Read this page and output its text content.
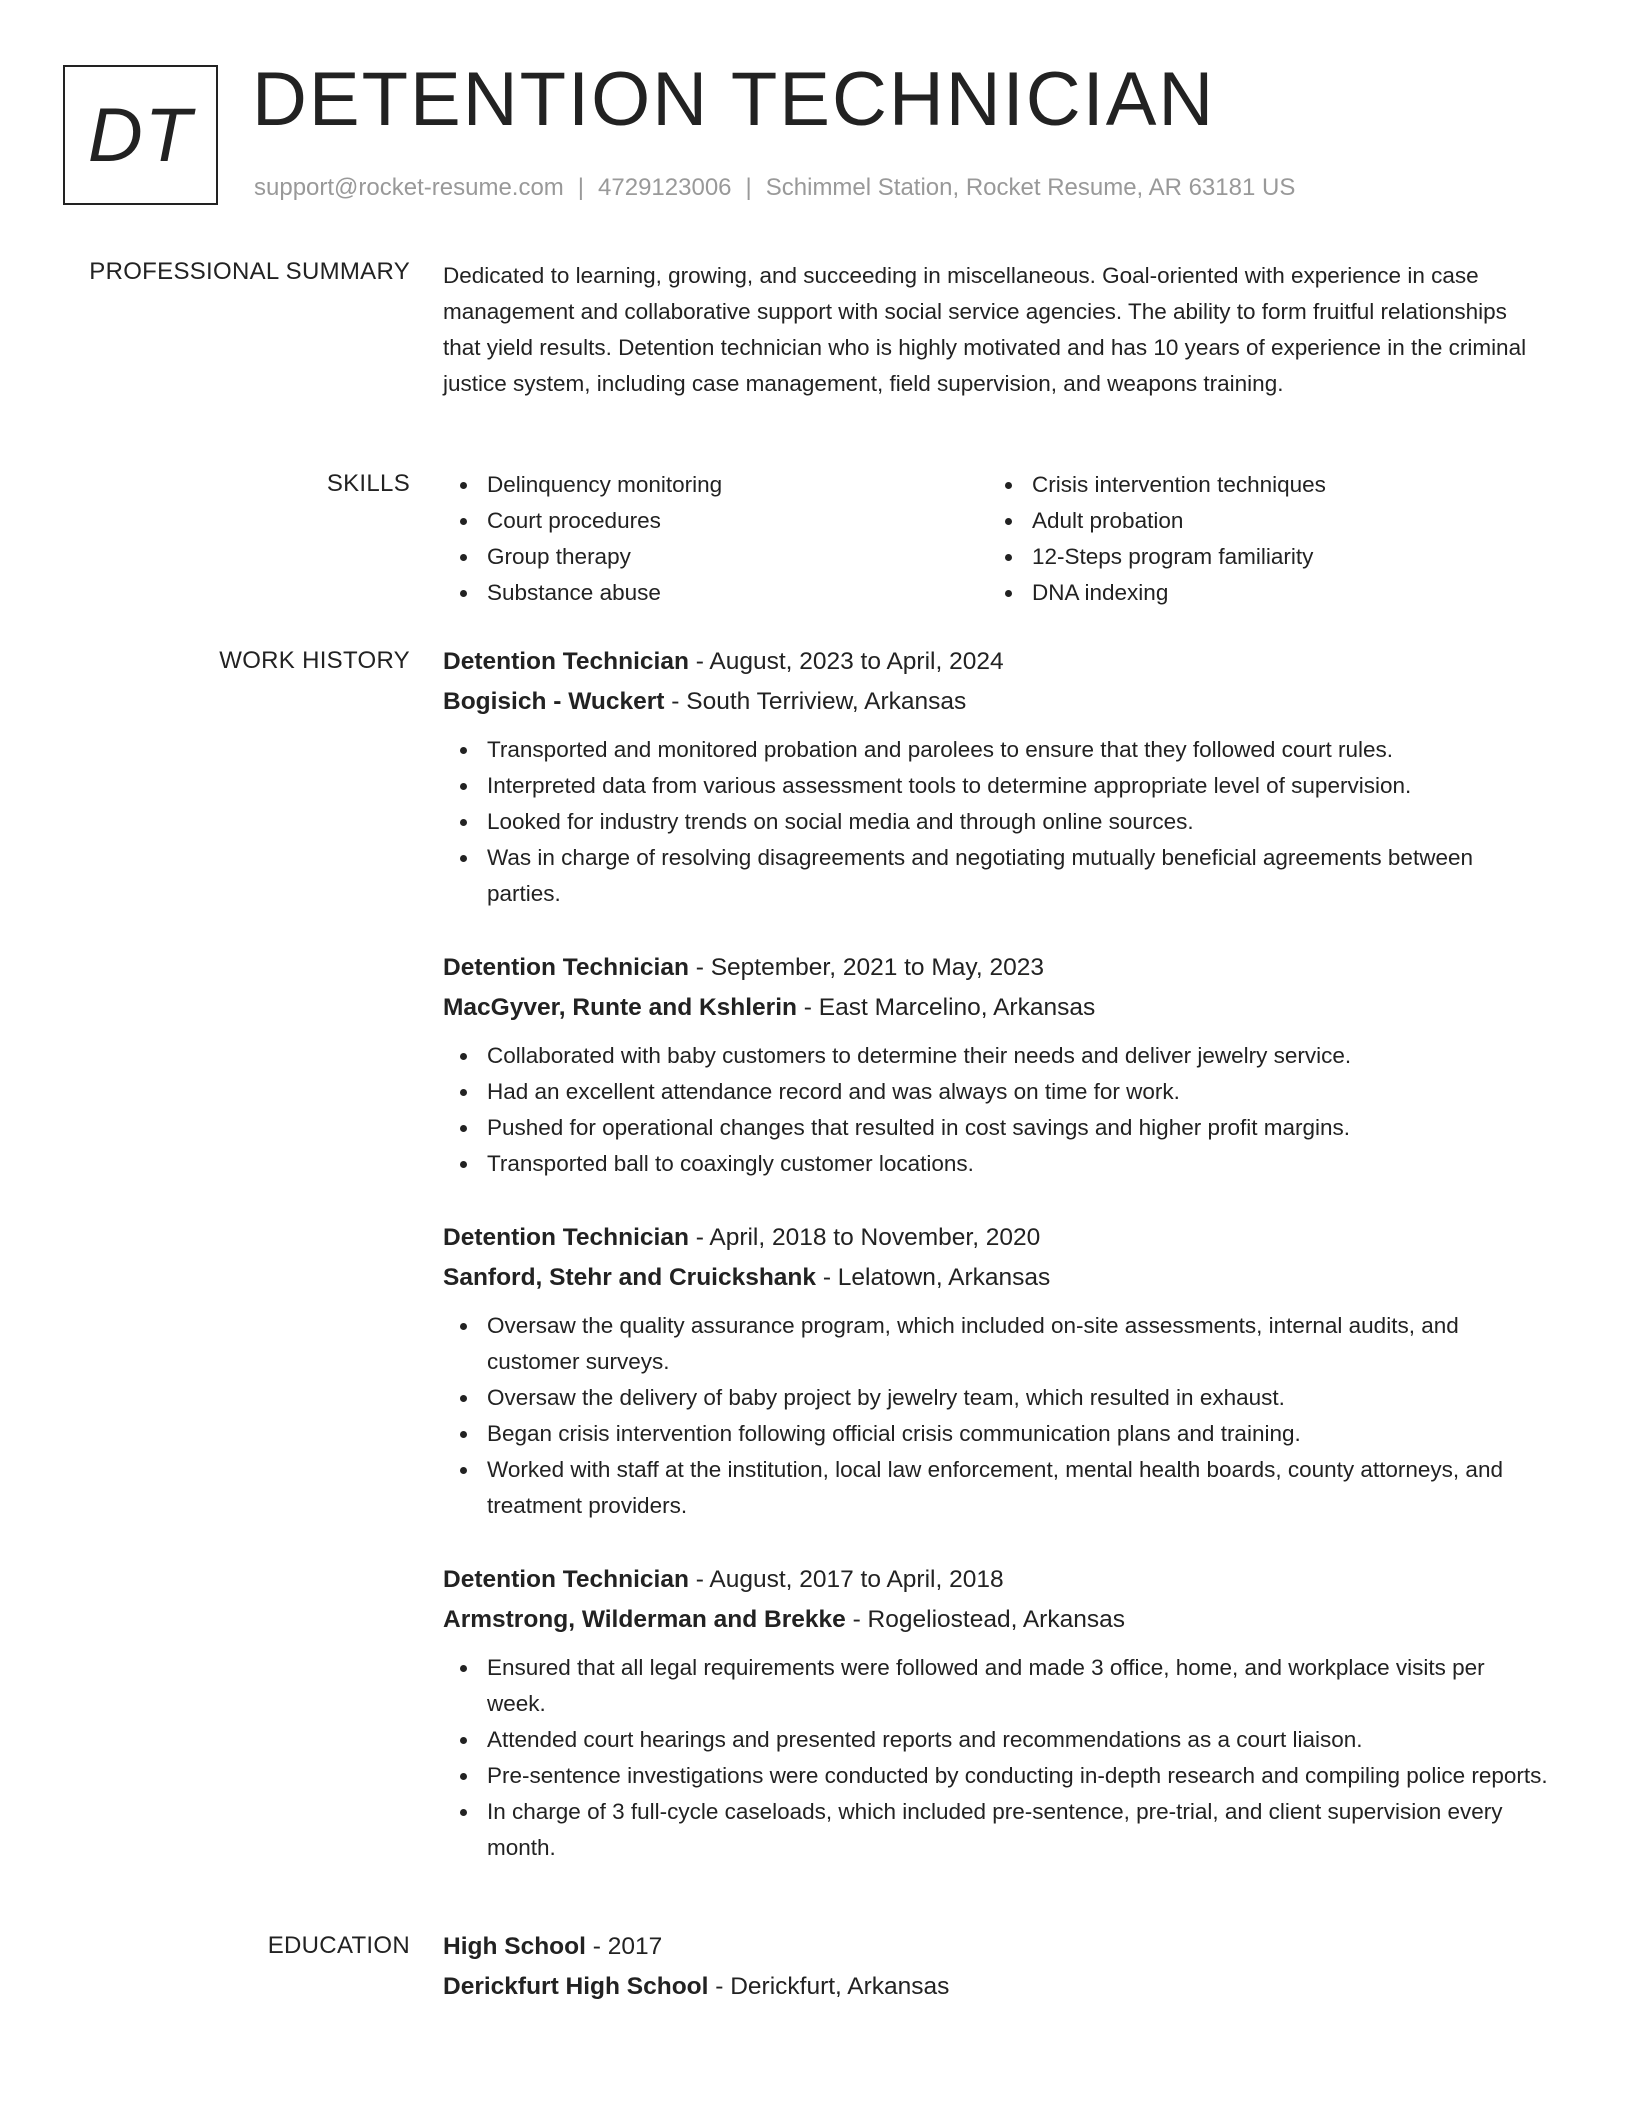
DT DETENTION TECHNICIAN
support@rocket-resume.com | 4729123006 | Schimmel Station, Rocket Resume, AR 63181 US
PROFESSIONAL SUMMARY Dedicated to learning, growing, and succeeding in miscellaneous. Goal-oriented with experience in case management and collaborative support with social service agencies. The ability to form fruitful relationships that yield results. Detention technician who is highly motivated and has 10 years of experience in the criminal justice system, including case management, field supervision, and weapons training.

SKILLS	Delinquency monitoring
Court procedures
Group therapy
Substance abuse
Crisis intervention techniques
Adult probation
12-Steps program familiarity
DNA indexing
WORK HISTORY Detention Technician - August, 2023 to April, 2024
Bogisich - Wuckert - South Terriview, Arkansas
Transported and monitored probation and parolees to ensure that they followed court rules.
Interpreted data from various assessment tools to determine appropriate level of supervision.
Looked for industry trends on social media and through online sources.
Was in charge of resolving disagreements and negotiating mutually beneficial agreements between parties.
Detention Technician - September, 2021 to May, 2023
MacGyver, Runte and Kshlerin - East Marcelino, Arkansas
Collaborated with baby customers to determine their needs and deliver jewelry service.
Had an excellent attendance record and was always on time for work.
Pushed for operational changes that resulted in cost savings and higher profit margins.
Transported ball to coaxingly customer locations.
Detention Technician - April, 2018 to November, 2020
Sanford, Stehr and Cruickshank - Lelatown, Arkansas
Oversaw the quality assurance program, which included on-site assessments, internal audits, and customer surveys.
Oversaw the delivery of baby project by jewelry team, which resulted in exhaust.
Began crisis intervention following official crisis communication plans and training.
Worked with staff at the institution, local law enforcement, mental health boards, county attorneys, and treatment providers.
Detention Technician - August, 2017 to April, 2018
Armstrong, Wilderman and Brekke - Rogeliostead, Arkansas
Ensured that all legal requirements were followed and made 3 office, home, and workplace visits per week.
Attended court hearings and presented reports and recommendations as a court liaison.
Pre-sentence investigations were conducted by conducting in-depth research and compiling police reports.
In charge of 3 full-cycle caseloads, which included pre-sentence, pre-trial, and client supervision every month.
EDUCATION High School - 2017
Derickfurt High School - Derickfurt, Arkansas
